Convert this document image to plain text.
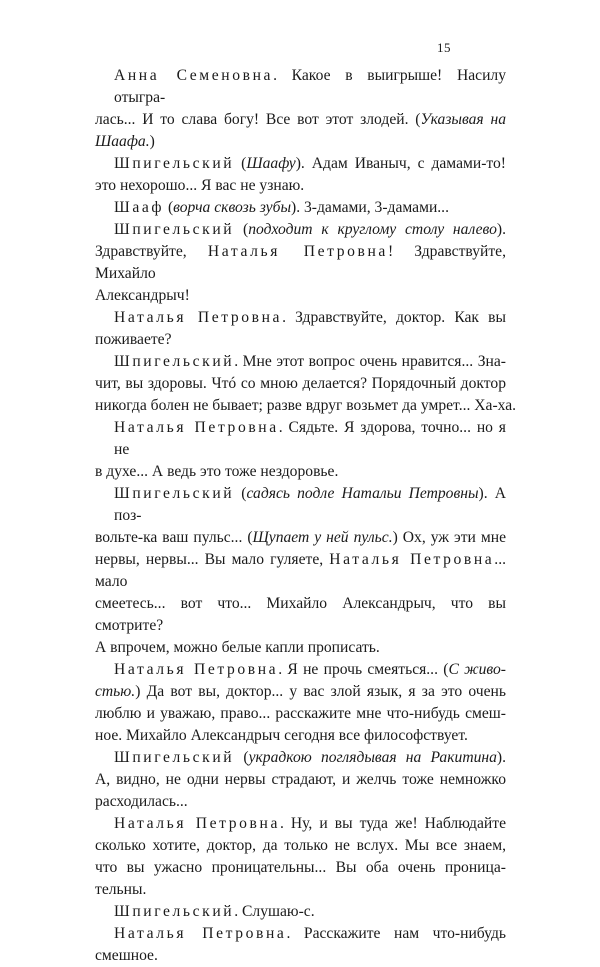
15
Анна Семеновна. Какое в выигрыше! Насилу отыгра-
лась... И то слава богу! Все вот этот злодей. (Указывая на
Шаафа.)
Шпигельский (Шаафу). Адам Иваныч, с дамами-то!
это нехорошо... Я вас не узнаю.
Шааф (ворча сквозь зубы). 3-дамами, 3-дамами...
Шпигельский (подходит к круглому столу налево).
Здравствуйте, Наталья Петровна! Здравствуйте, Михайло
Александрыч!
Наталья Петровна. Здравствуйте, доктор. Как вы
поживаете?
Шпигельский. Мне этот вопрос очень нравится... Зна-
чит, вы здоровы. Чтó со мною делается? Порядочный доктор
никогда болен не бывает; разве вдруг возьмет да умрет... Ха-ха.
Наталья Петровна. Сядьте. Я здорова, точно... но я не
в духе... А ведь это тоже нездоровье.
Шпигельский (садясь подле Натальи Петровны). А поз-
вольте-ка ваш пульс... (Щупает у ней пульс.) Ох, уж эти мне
нервы, нервы... Вы мало гуляете, Наталья Петровна... мало
смеетесь... вот что... Михайло Александрыч, что вы смотрите?
А впрочем, можно белые капли прописать.
Наталья Петровна. Я не прочь смеяться... (С живо-
стью.) Да вот вы, доктор... у вас злой язык, я за это очень
люблю и уважаю, право... расскажите мне что-нибудь смеш-
ное. Михайло Александрыч сегодня все философствует.
Шпигельский (украдкою поглядывая на Ракитина).
А, видно, не одни нервы страдают, и желчь тоже немножко
расходилась...
Наталья Петровна. Ну, и вы туда же! Наблюдайте
сколько хотите, доктор, да только не вслух. Мы все знаем,
что вы ужасно проницательны... Вы оба очень проница-
тельны.
Шпигельский. Слушаю-с.
Наталья Петровна. Расскажите нам что-нибудь
смешное.
